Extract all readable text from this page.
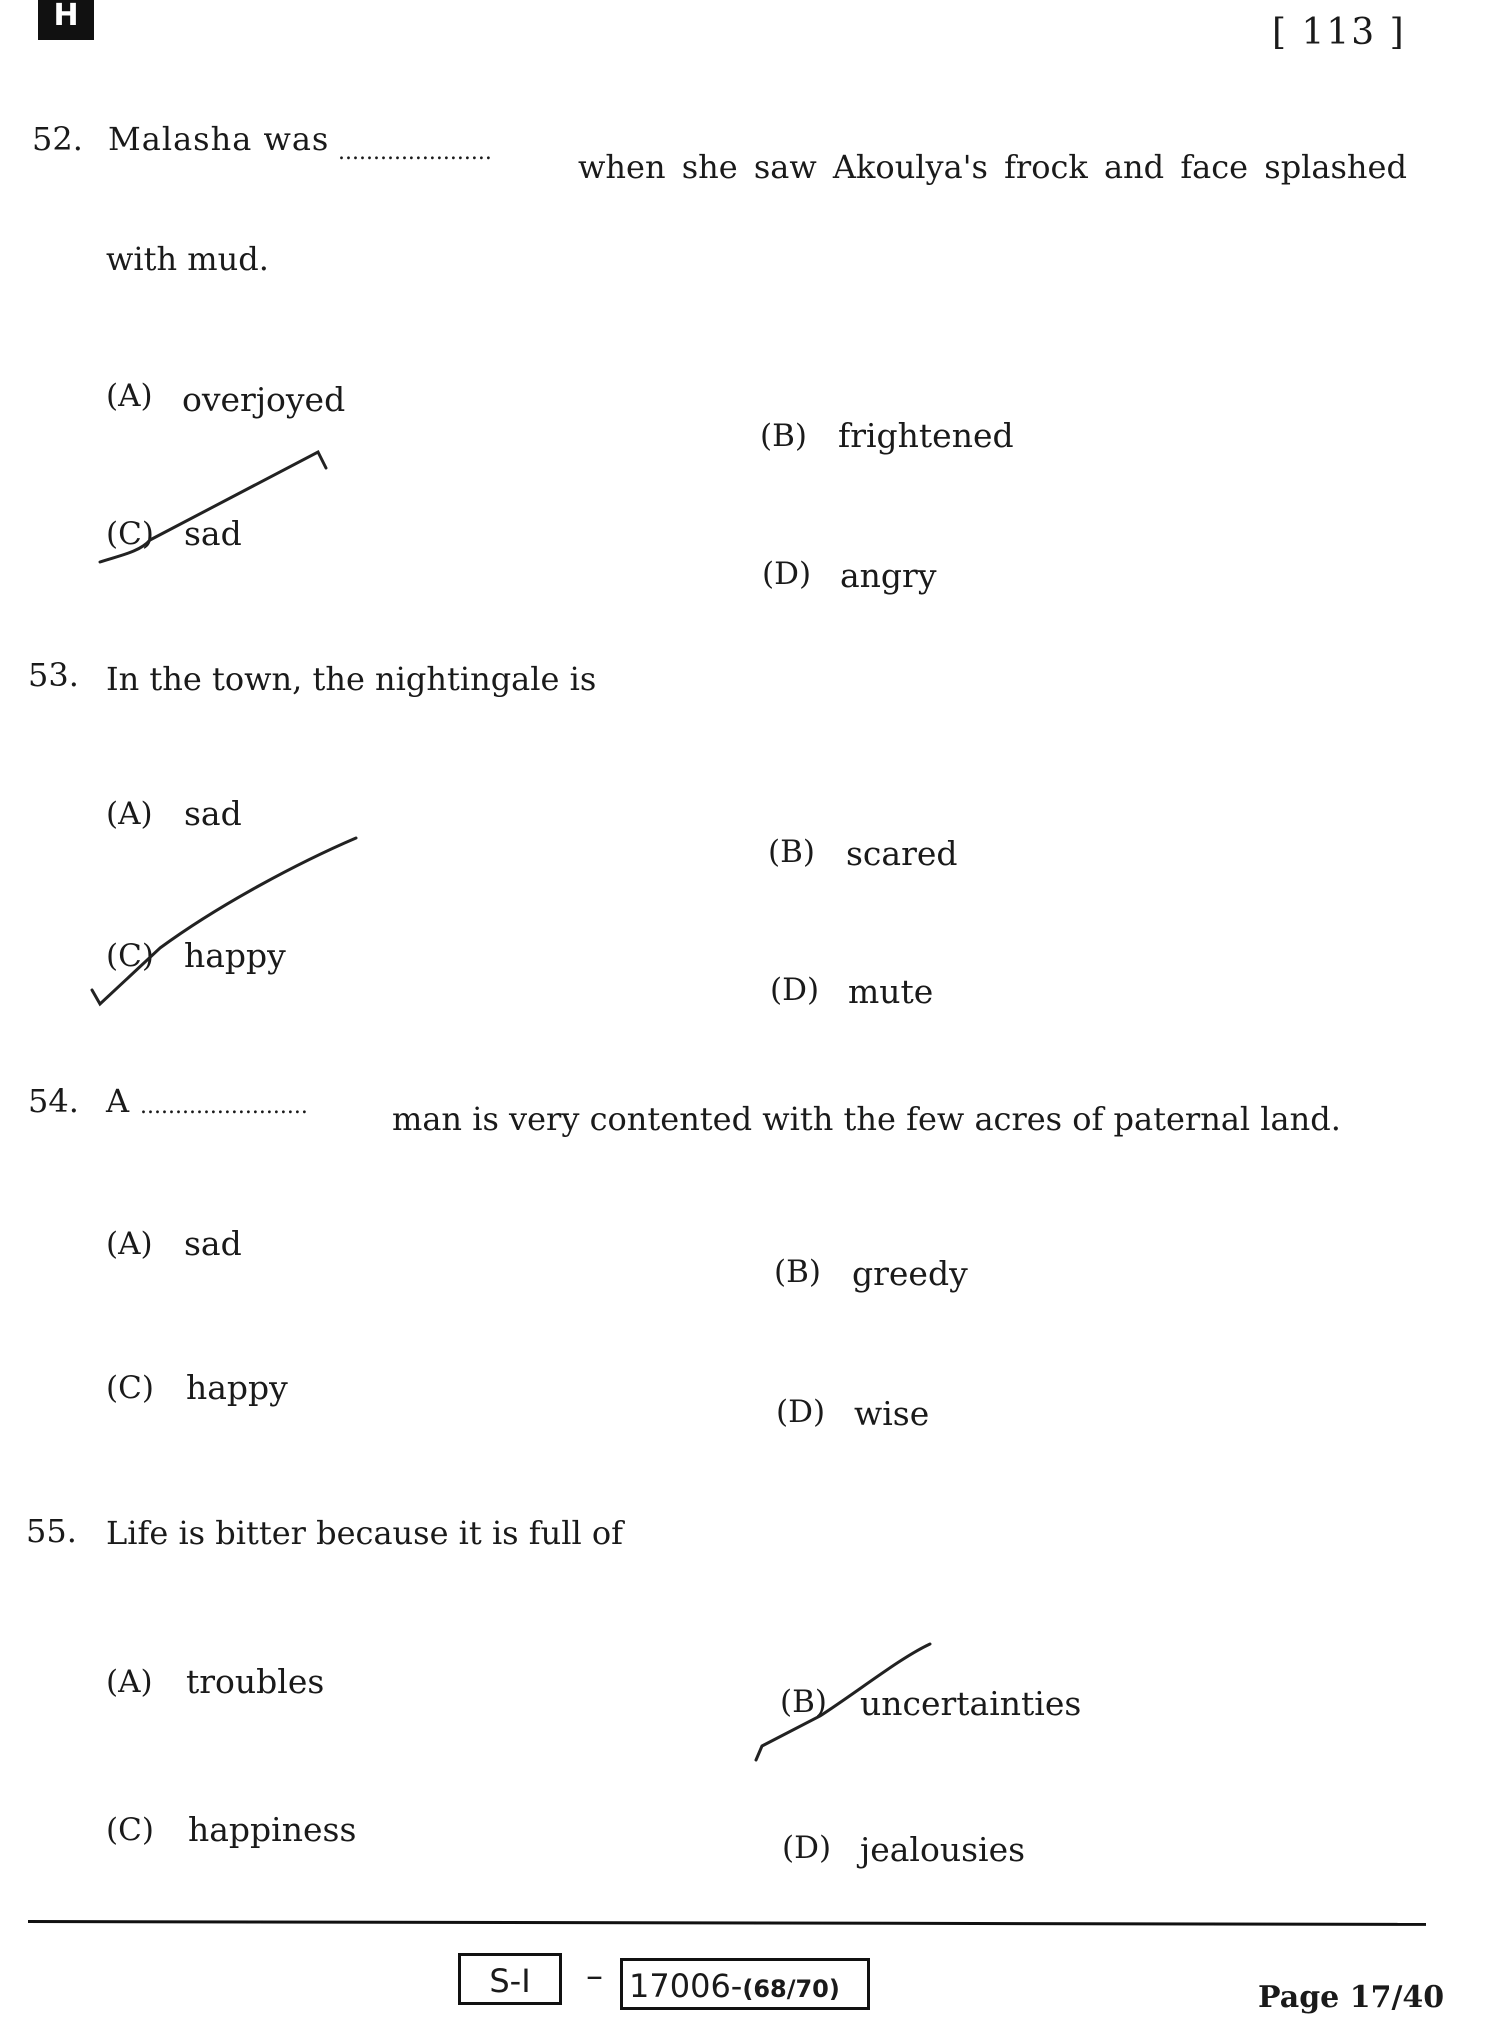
H	[ 113 ]
52. Malasha was ......................	when she saw Akoulya's frock and face splashed
with mud.
(A) overjoyed
(B) frightened
(C) sad
(D) angry
53. In the town, the nightingale is
(A) sad
(B) scared
(C) happy
(D) mute
54. A ........................	man is very contented with the few acres of paternal land.
(A) sad
(B) greedy
(C) happy
(D) wise
55. Life is bitter because it is full of
(A) troubles
(B) uncertainties
(C) happiness	(D) jealousies
S-I	– 17006-(68/70)	Page 17/40
